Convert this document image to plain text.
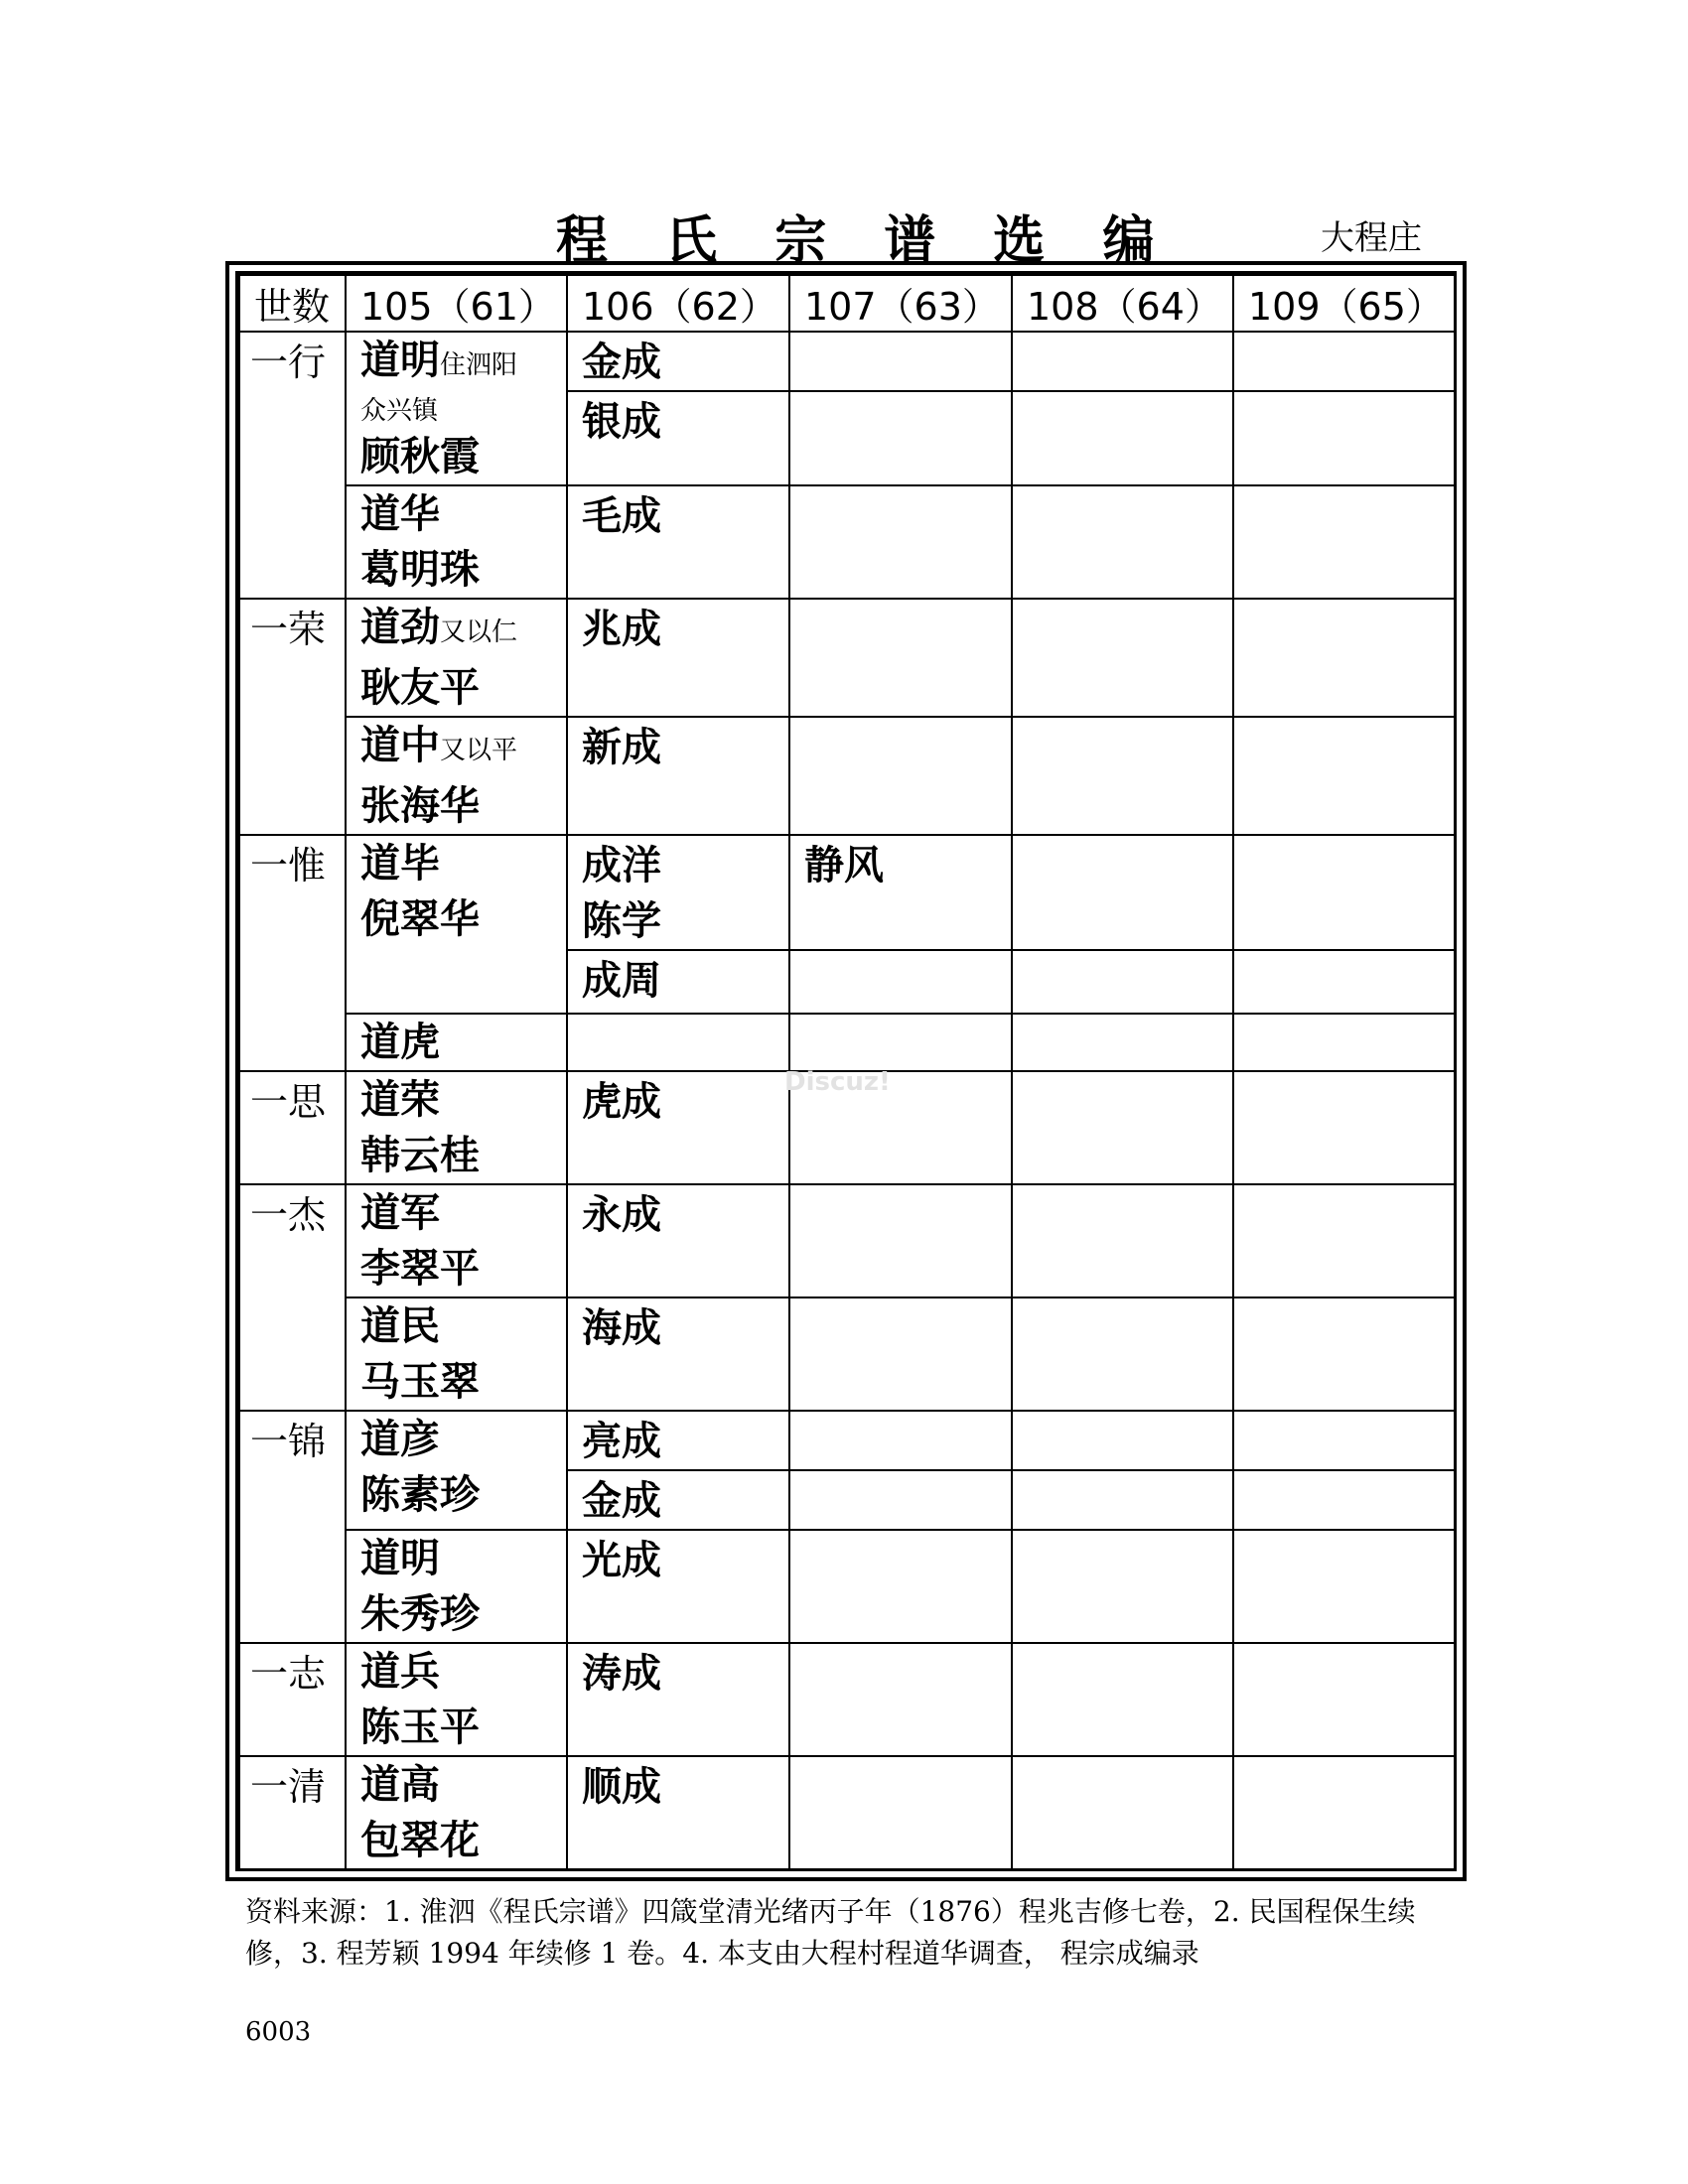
程 氏 宗 谱 选 编	大程庄
世数	105（61）	106（62）	107（63）	108（64）	109（65）

一行	道明住泗阳
众兴镇
顾秋霞	金成			

		银成			

	道华
葛明珠	毛成			

一荣	道劲又以仁
耿友平	兆成			

	道中又以平
张海华	新成			

一惟	道毕
倪翠华	成洋
陈学	静风		

		成周			

	道虎				

一思	道荣
韩云桂	虎成			

一杰	道军
李翠平	永成			

	道民
马玉翠	海成			

一锦	道彦
陈素珍	亮成			

		金成			

	道明
朱秀珍	光成			

一志	道兵
陈玉平	涛成			

一清	道高
包翠花	顺成			

Discuz!
资料来源：1. 淮泗《程氏宗谱》四箴堂清光绪丙子年（1876）程兆吉修七卷，2. 民国程保生续
修，3. 程芳颖 1994 年续修 1 卷。4. 本支由大程村程道华调查， 程宗成编录
6003
